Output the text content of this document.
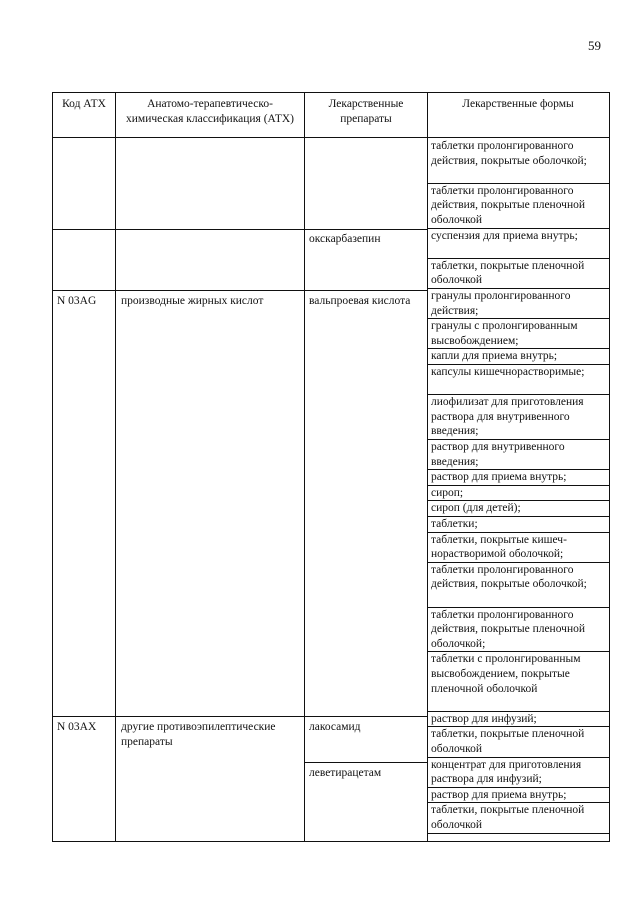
59
Код АТХ	Анатомо-терапевтическо-химическая классификация (АТХ)
Лекарственные препараты
Лекарственные формы
N 03AG производные жирных кислот
окскарбазепин
вальпроевая кислота
N 03AX другие противоэпилептические препараты
лакосамид
леветирацетам
таблетки пролонгированного действия, покрытые оболочкой;
таблетки пролонгированного действия, покрытые пленочной оболочкой
суспензия для приема внутрь;
таблетки, покрытые пленочной оболочкой
гранулы пролонгированного действия;
гранулы с пролонгированным высвобождением;
капли для приема внутрь;
капсулы кишечнорастворимые;
лиофилизат для приготовления раствора для внутривенного введения;
раствор для внутривенного введения;
раствор для приема внутрь;
сироп;
сироп (для детей);
таблетки;
таблетки, покрытые кишечнорастворимой оболочкой;
таблетки пролонгированного действия, покрытые оболочкой;
таблетки пролонгированного действия, покрытые пленочной оболочкой;
таблетки с пролонгированным высвобождением, покрытые пленочной оболочкой
раствор для инфузий;
таблетки, покрытые пленочной оболочкой
концентрат для приготовления раствора для инфузий;
раствор для приема внутрь;
таблетки, покрытые пленочной оболочкой
